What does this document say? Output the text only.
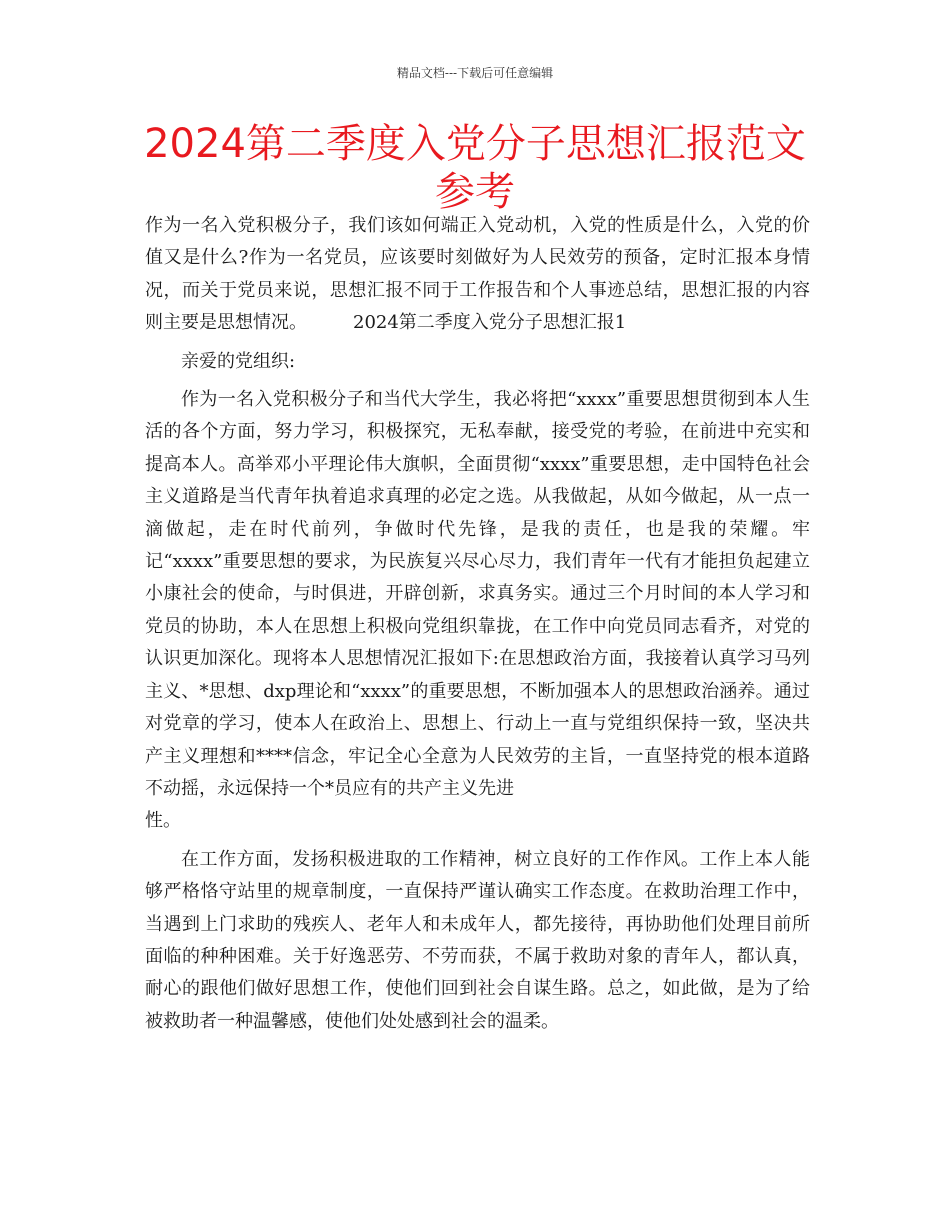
精品文档---下载后可任意编辑
2024第二季度入党分子思想汇报范文参考

作为一名入党积极分子，我们该如何端正入党动机，入党的性质是什么，入党的价值又是什么?作为一名党员，应该要时刻做好为人民效劳的预备，定时汇报本身情况，而关于党员来说，思想汇报不同于工作报告和个人事迹总结，思想汇报的内容则主要是思想情况。	2024第二季度入党分子思想汇报1

亲爱的党组织:

作为一名入党积极分子和当代大学生，我必将把“xxxx”重要思想贯彻到本人生活的各个方面，努力学习，积极探究，无私奉献，接受党的考验，在前进中充实和提高本人。高举邓小平理论伟大旗帜，全面贯彻“xxxx”重要思想，走中国特色社会主义道路是当代青年执着追求真理的必定之选。从我做起，从如今做起，从一点一滴做起，走在时代前列，争做时代先锋，是我的责任，也是我的荣耀。牢记“xxxx”重要思想的要求，为民族复兴尽心尽力，我们青年一代有才能担负起建立小康社会的使命，与时俱进，开辟创新，求真务实。通过三个月时间的本人学习和党员的协助，本人在思想上积极向党组织靠拢，在工作中向党员同志看齐，对党的认识更加深化。现将本人思想情况汇报如下:在思想政治方面，我接着认真学习马列主义、*思想、dxp理论和“xxxx”的重要思想，不断加强本人的思想政治涵养。通过对党章的学习，使本人在政治上、思想上、行动上一直与党组织保持一致，坚决共产主义理想和****信念，牢记全心全意为人民效劳的主旨，一直坚持党的根本道路不动摇，永远保持一个*员应有的共产主义先进

性。

在工作方面，发扬积极进取的工作精神，树立良好的工作作风。工作上本人能够严格恪守站里的规章制度，一直保持严谨认确实工作态度。在救助治理工作中，当遇到上门求助的残疾人、老年人和未成年人，都先接待，再协助他们处理目前所面临的种种困难。关于好逸恶劳、不劳而获，不属于救助对象的青年人，都认真，耐心的跟他们做好思想工作，使他们回到社会自谋生路。总之，如此做，是为了给被救助者一种温馨感，使他们处处感到社会的温柔。
